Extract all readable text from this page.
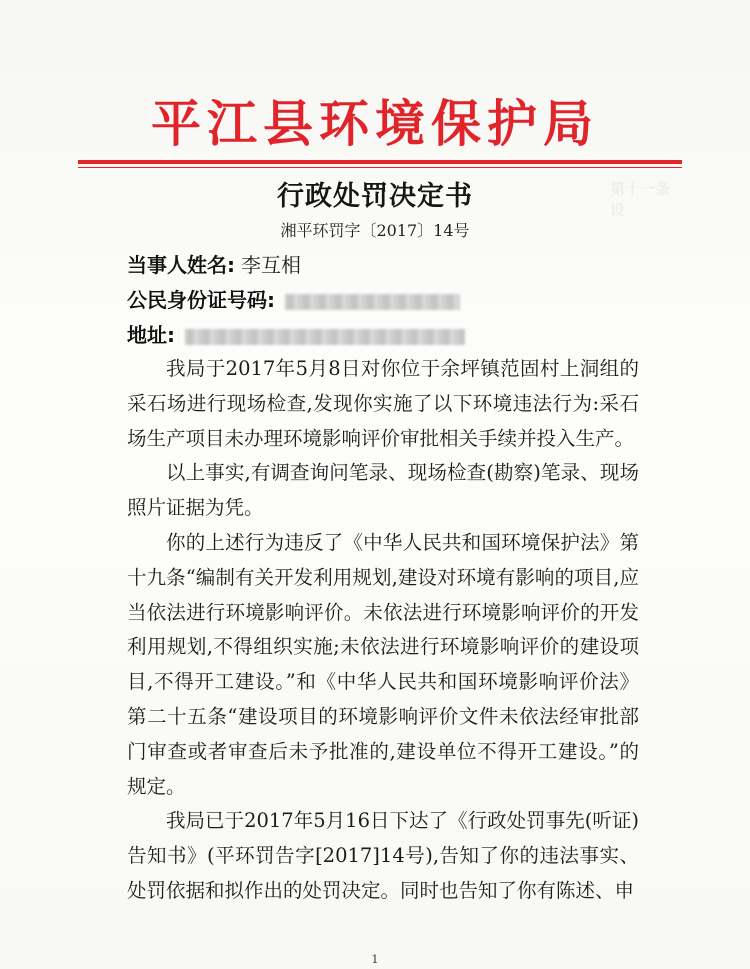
第十一条
设
平江县环境保护局
行政处罚决定书
湘平环罚字〔2017〕14号
当事人姓名: 李互相
公民身份证号码:
地址:

我局于2017年5月8日对你位于余坪镇范固村上洞组的采石场进行现场检查,发现你实施了以下环境违法行为:采石场生产项目未办理环境影响评价审批相关手续并投入生产。

以上事实,有调查询问笔录、现场检查(勘察)笔录、现场照片证据为凭。

你的上述行为违反了《中华人民共和国环境保护法》第十九条“编制有关开发利用规划,建设对环境有影响的项目,应当依法进行环境影响评价。未依法进行环境影响评价的开发利用规划,不得组织实施;未依法进行环境影响评价的建设项目,不得开工建设。”和《中华人民共和国环境影响评价法》第二十五条“建设项目的环境影响评价文件未依法经审批部门审查或者审查后未予批准的,建设单位不得开工建设。”的规定。

我局已于2017年5月16日下达了《行政处罚事先(听证)告知书》(平环罚告字[2017]14号),告知了你的违法事实、处罚依据和拟作出的处罚决定。同时也告知了你有陈述、申

1
